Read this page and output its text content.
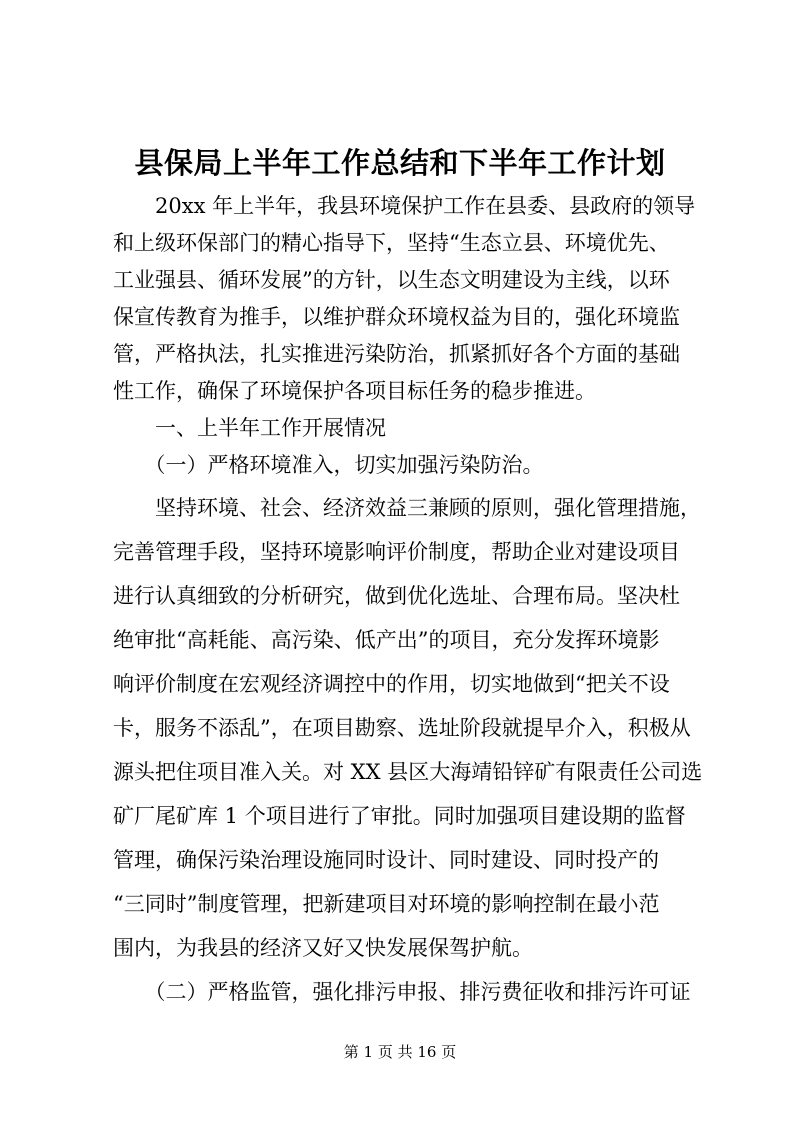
县保局上半年工作总结和下半年工作计划
　　20xx 年上半年，我县环境保护工作在县委、县政府的领导
和上级环保部门的精心指导下，坚持“生态立县、环境优先、
工业强县、循环发展”的方针，以生态文明建设为主线，以环
保宣传教育为推手，以维护群众环境权益为目的，强化环境监
管，严格执法，扎实推进污染防治，抓紧抓好各个方面的基础
性工作，确保了环境保护各项目标任务的稳步推进。
　　一、上半年工作开展情况
　　（一）严格环境准入，切实加强污染防治。
　　坚持环境、社会、经济效益三兼顾的原则，强化管理措施，
完善管理手段，坚持环境影响评价制度，帮助企业对建设项目
进行认真细致的分析研究，做到优化选址、合理布局。坚决杜
绝审批“高耗能、高污染、低产出”的项目，充分发挥环境影
响评价制度在宏观经济调控中的作用，切实地做到“把关不设
卡，服务不添乱”，在项目勘察、选址阶段就提早介入，积极从
源头把住项目准入关。对 XX 县区大海靖铅锌矿有限责任公司选
矿厂尾矿库 1 个项目进行了审批。同时加强项目建设期的监督
管理，确保污染治理设施同时设计、同时建设、同时投产的
“三同时”制度管理，把新建项目对环境的影响控制在最小范
围内，为我县的经济又好又快发展保驾护航。
　　（二）严格监管，强化排污申报、排污费征收和排污许可证
第 1 页 共 16 页
